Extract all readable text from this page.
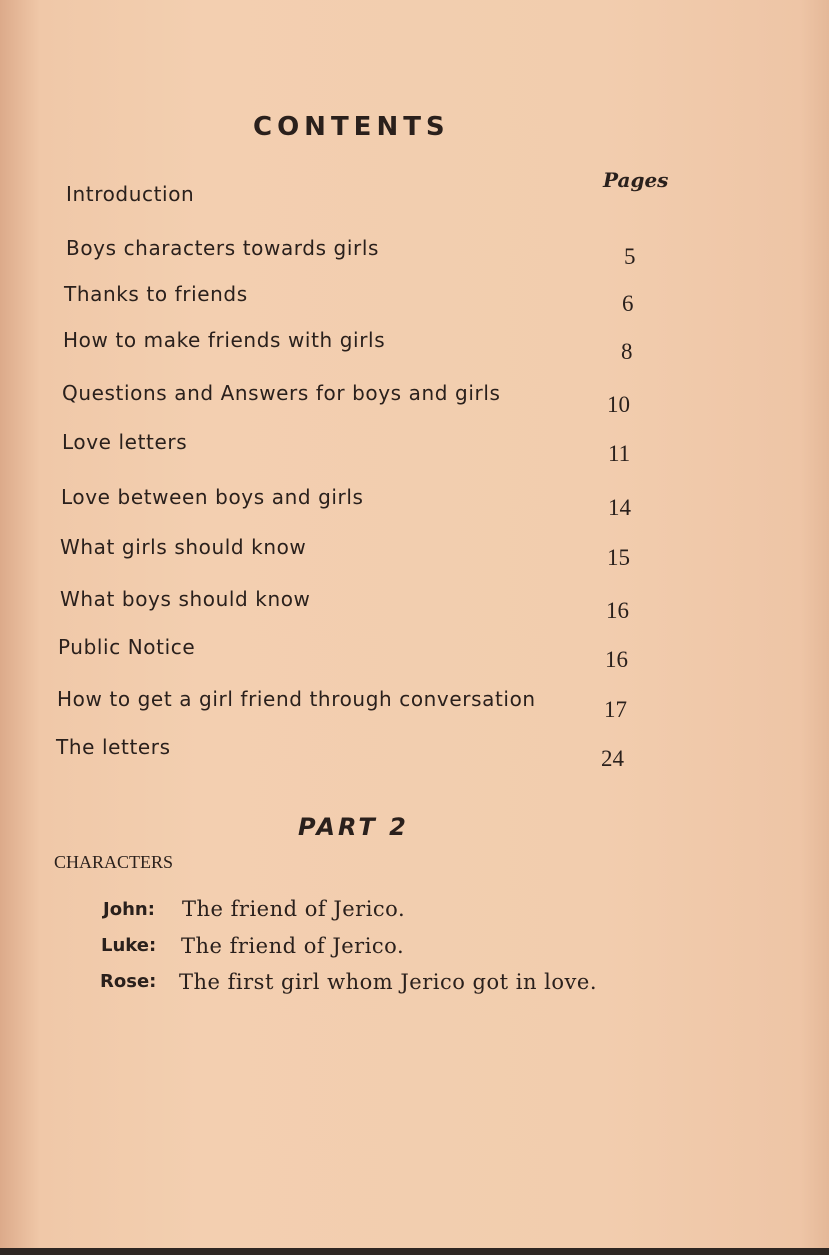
CONTENTS
Pages
Introduction
Boys characters towards girls	5
Thanks to friends	6
How to make friends with girls	8
Questions and Answers for boys and girls	10
Love letters	11
Love between boys and girls	14
What girls should know	15
What boys should know	16
Public Notice	16
How to get a girl friend through conversation	17
The letters	24
PART 2
CHARACTERS
John: The friend of Jerico.
Luke: The friend of Jerico.
Rose: The first girl whom Jerico got in love.
